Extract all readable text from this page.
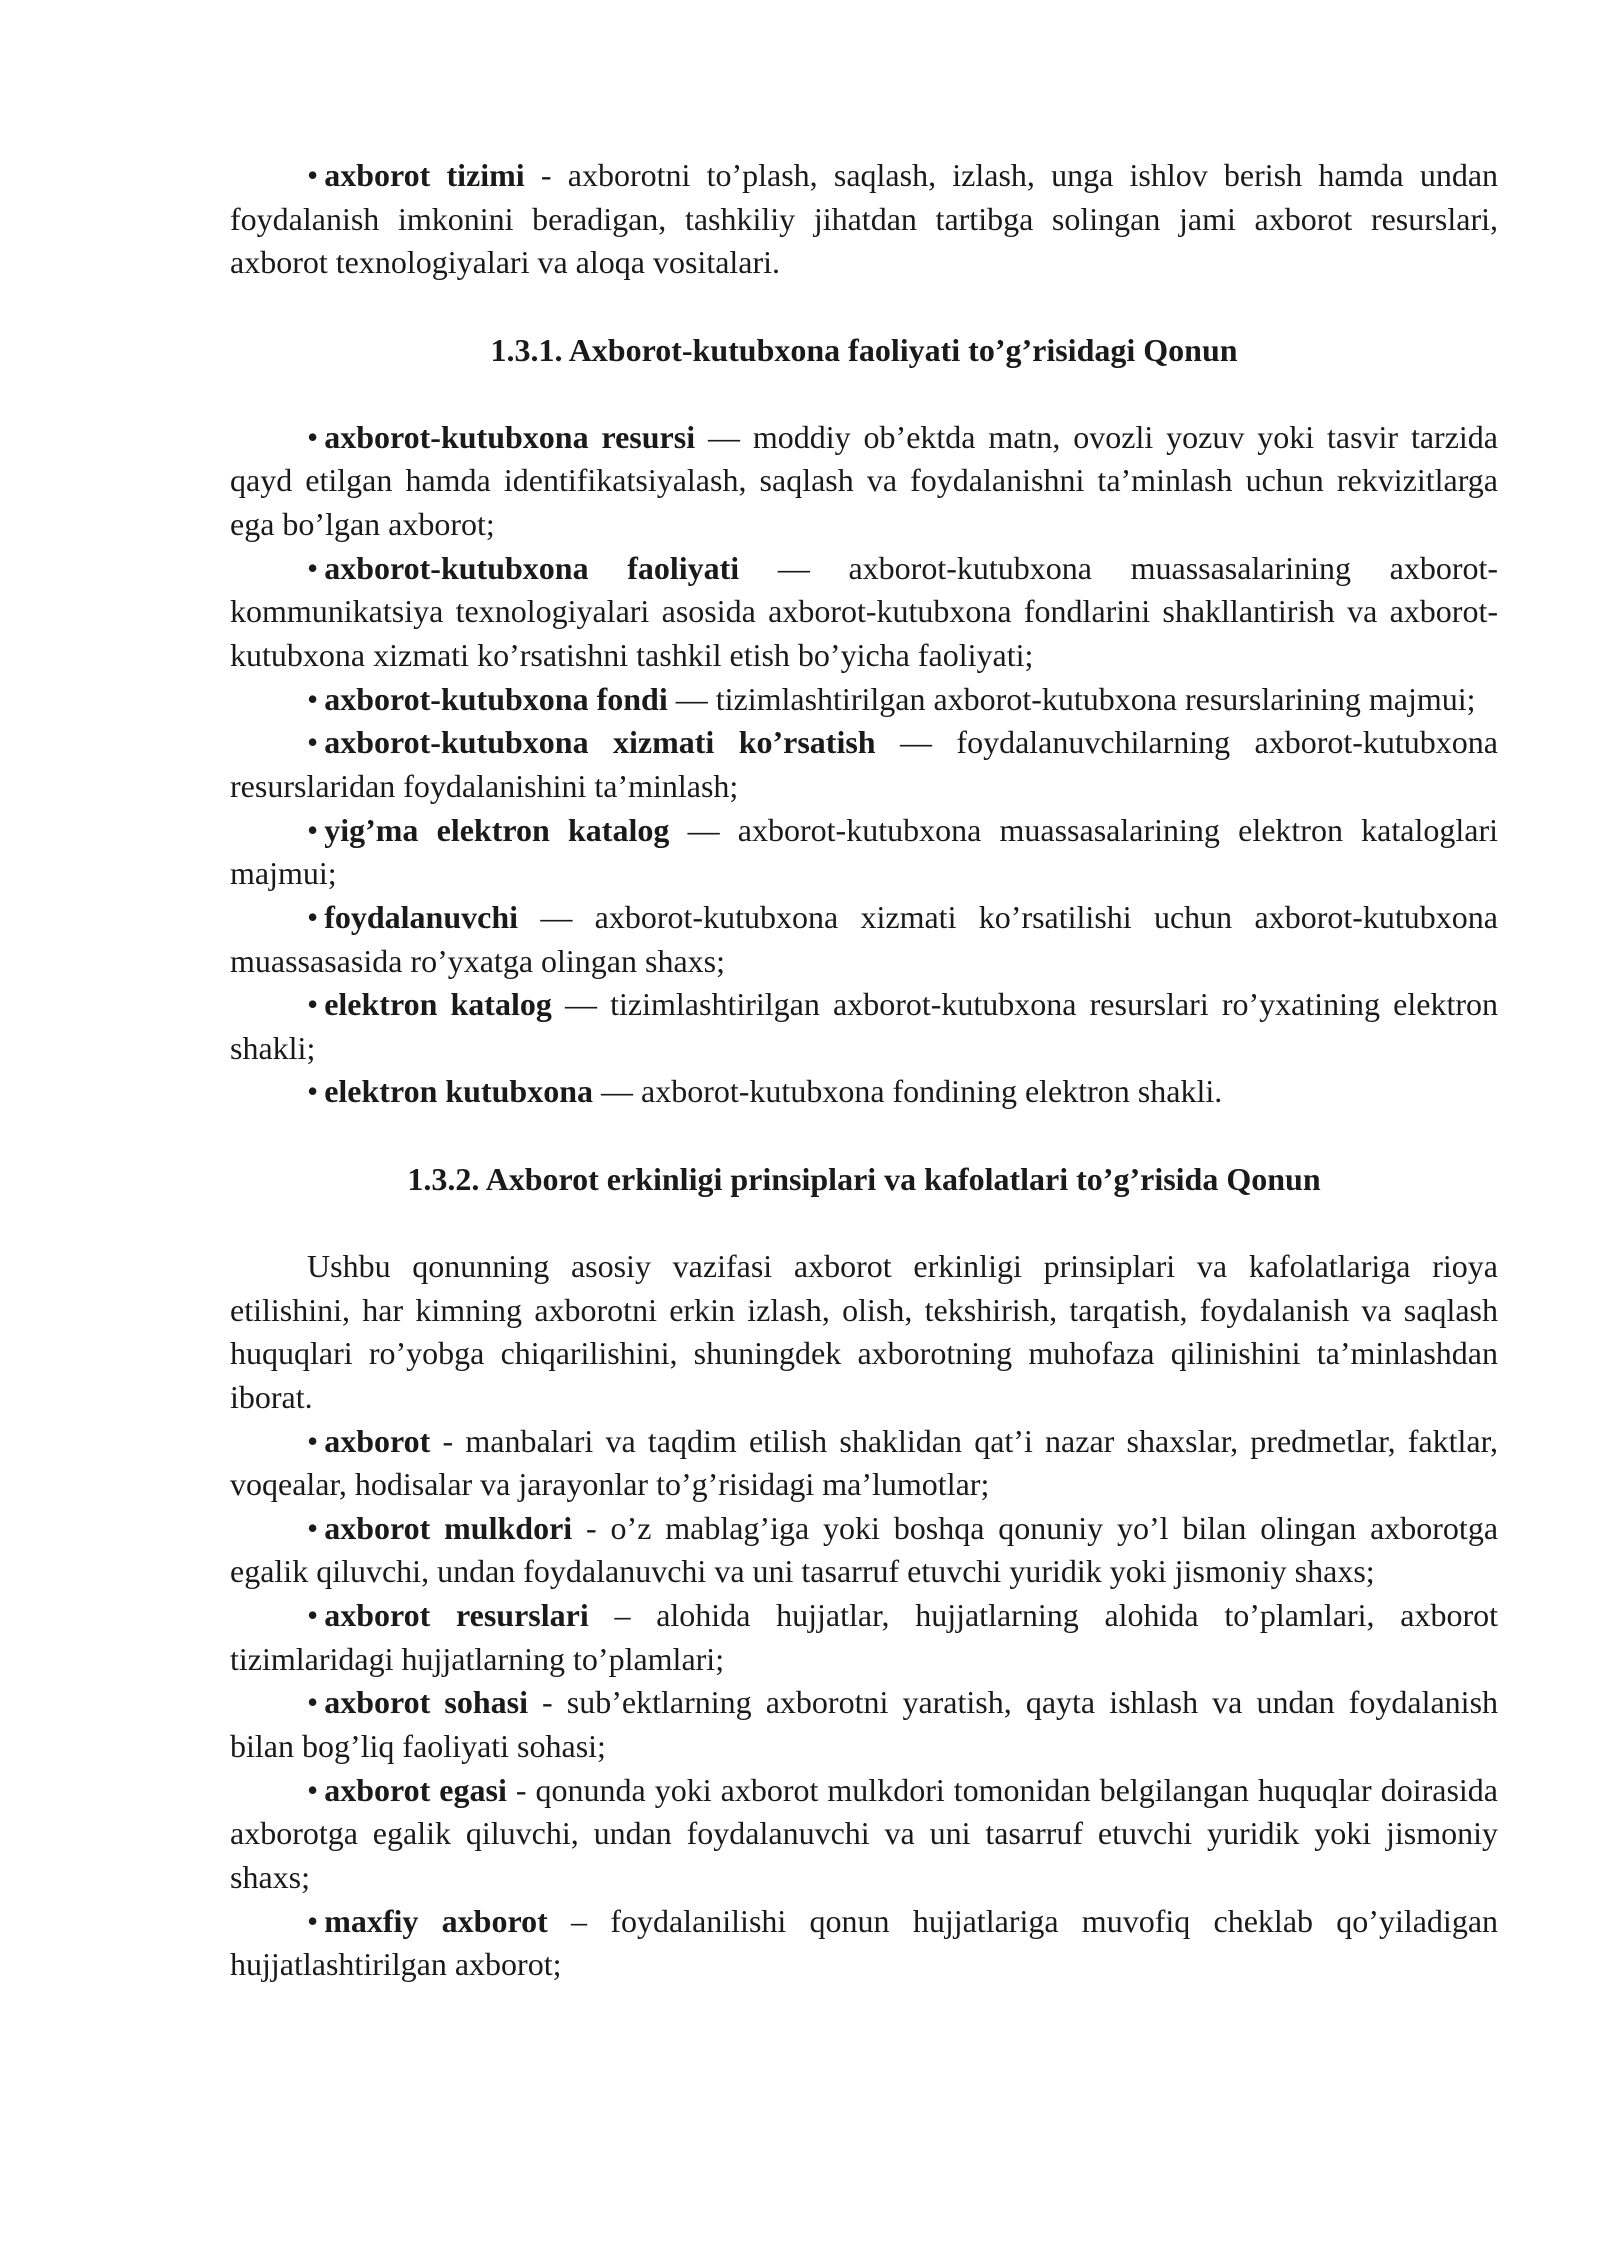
• axborot tizimi - axborotni to’plash, saqlash, izlash, unga ishlov berish hamda undan foydalanish imkonini beradigan, tashkiliy jihatdan tartibga solingan jami axborot resurslari, axborot texnologiyalari va aloqa vositalari.

1.3.1. Axborot-kutubxona faoliyati to’g’risidagi Qonun

• axborot-kutubxona resursi — moddiy ob’ektda matn, ovozli yozuv yoki tasvir tarzida qayd etilgan hamda identifikatsiyalash, saqlash va foydalanishni ta’minlash uchun rekvizitlarga ega bo’lgan axborot;

• axborot-kutubxona faoliyati — axborot-kutubxona muassasalarining axborot-kommunikatsiya texnologiyalari asosida axborot-kutubxona fondlarini shakllantirish va axborot-kutubxona xizmati ko’rsatishni tashkil etish bo’yicha faoliyati;

• axborot-kutubxona fondi — tizimlashtirilgan axborot-kutubxona resurslarining majmui;

• axborot-kutubxona xizmati ko’rsatish — foydalanuvchilarning axborot-kutubxona resurslaridan foydalanishini ta’minlash;

• yig’ma elektron katalog — axborot-kutubxona muassasalarining elektron kataloglari majmui;

• foydalanuvchi — axborot-kutubxona xizmati ko’rsatilishi uchun axborot-kutubxona muassasasida ro’yxatga olingan shaxs;

• elektron katalog — tizimlashtirilgan axborot-kutubxona resurslari ro’yxatining elektron shakli;

• elektron kutubxona — axborot-kutubxona fondining elektron shakli.

1.3.2. Axborot erkinligi prinsiplari va kafolatlari to’g’risida Qonun

Ushbu qonunning asosiy vazifasi axborot erkinligi prinsiplari va kafolatlariga rioya etilishini, har kimning axborotni erkin izlash, olish, tekshirish, tarqatish, foydalanish va saqlash huquqlari ro’yobga chiqarilishini, shuningdek axborotning muhofaza qilinishini ta’minlashdan iborat.

• axborot - manbalari va taqdim etilish shaklidan qat’i nazar shaxslar, predmetlar, faktlar, voqealar, hodisalar va jarayonlar to’g’risidagi ma’lumotlar;

• axborot mulkdori - o’z mablag’iga yoki boshqa qonuniy yo’l bilan olingan axborotga egalik qiluvchi, undan foydalanuvchi va uni tasarruf etuvchi yuridik yoki jismoniy shaxs;

• axborot resurslari – alohida hujjatlar, hujjatlarning alohida to’plamlari, axborot tizimlaridagi hujjatlarning to’plamlari;

• axborot sohasi - sub’ektlarning axborotni yaratish, qayta ishlash va undan foydalanish bilan bog’liq faoliyati sohasi;

• axborot egasi - qonunda yoki axborot mulkdori tomonidan belgilangan huquqlar doirasida axborotga egalik qiluvchi, undan foydalanuvchi va uni tasarruf etuvchi yuridik yoki jismoniy shaxs;

• maxfiy axborot – foydalanilishi qonun hujjatlariga muvofiq cheklab qo’yiladigan hujjatlashtirilgan axborot;
